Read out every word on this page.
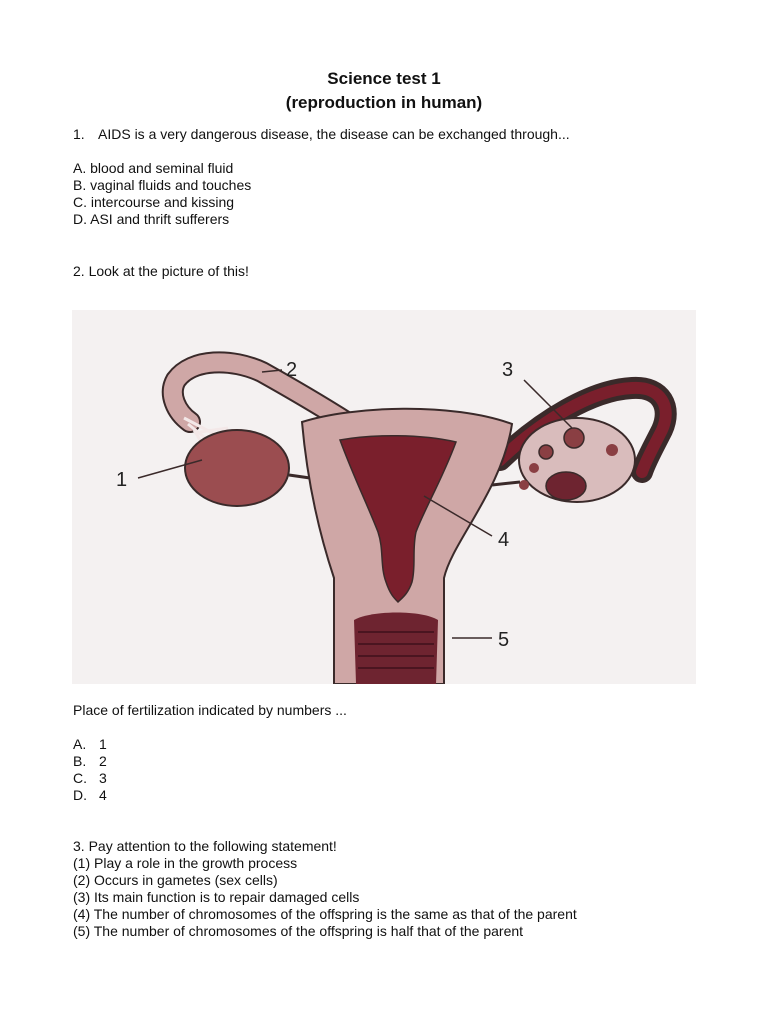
Science test 1
(reproduction in human)
1. AIDS is a very dangerous disease, the disease can be exchanged through...
A. blood and seminal fluid
B. vaginal fluids and touches
C. intercourse and kissing
D. ASI and thrift sufferers
2. Look at the picture of this!
1
2	3
4
5
Place of fertilization indicated by numbers ...
A. 1
B. 2
C. 3
D. 4
3. Pay attention to the following statement!
(1) Play a role in the growth process
(2) Occurs in gametes (sex cells)
(3) Its main function is to repair damaged cells
(4) The number of chromosomes of the offspring is the same as that of the parent
(5) The number of chromosomes of the offspring is half that of the parent
